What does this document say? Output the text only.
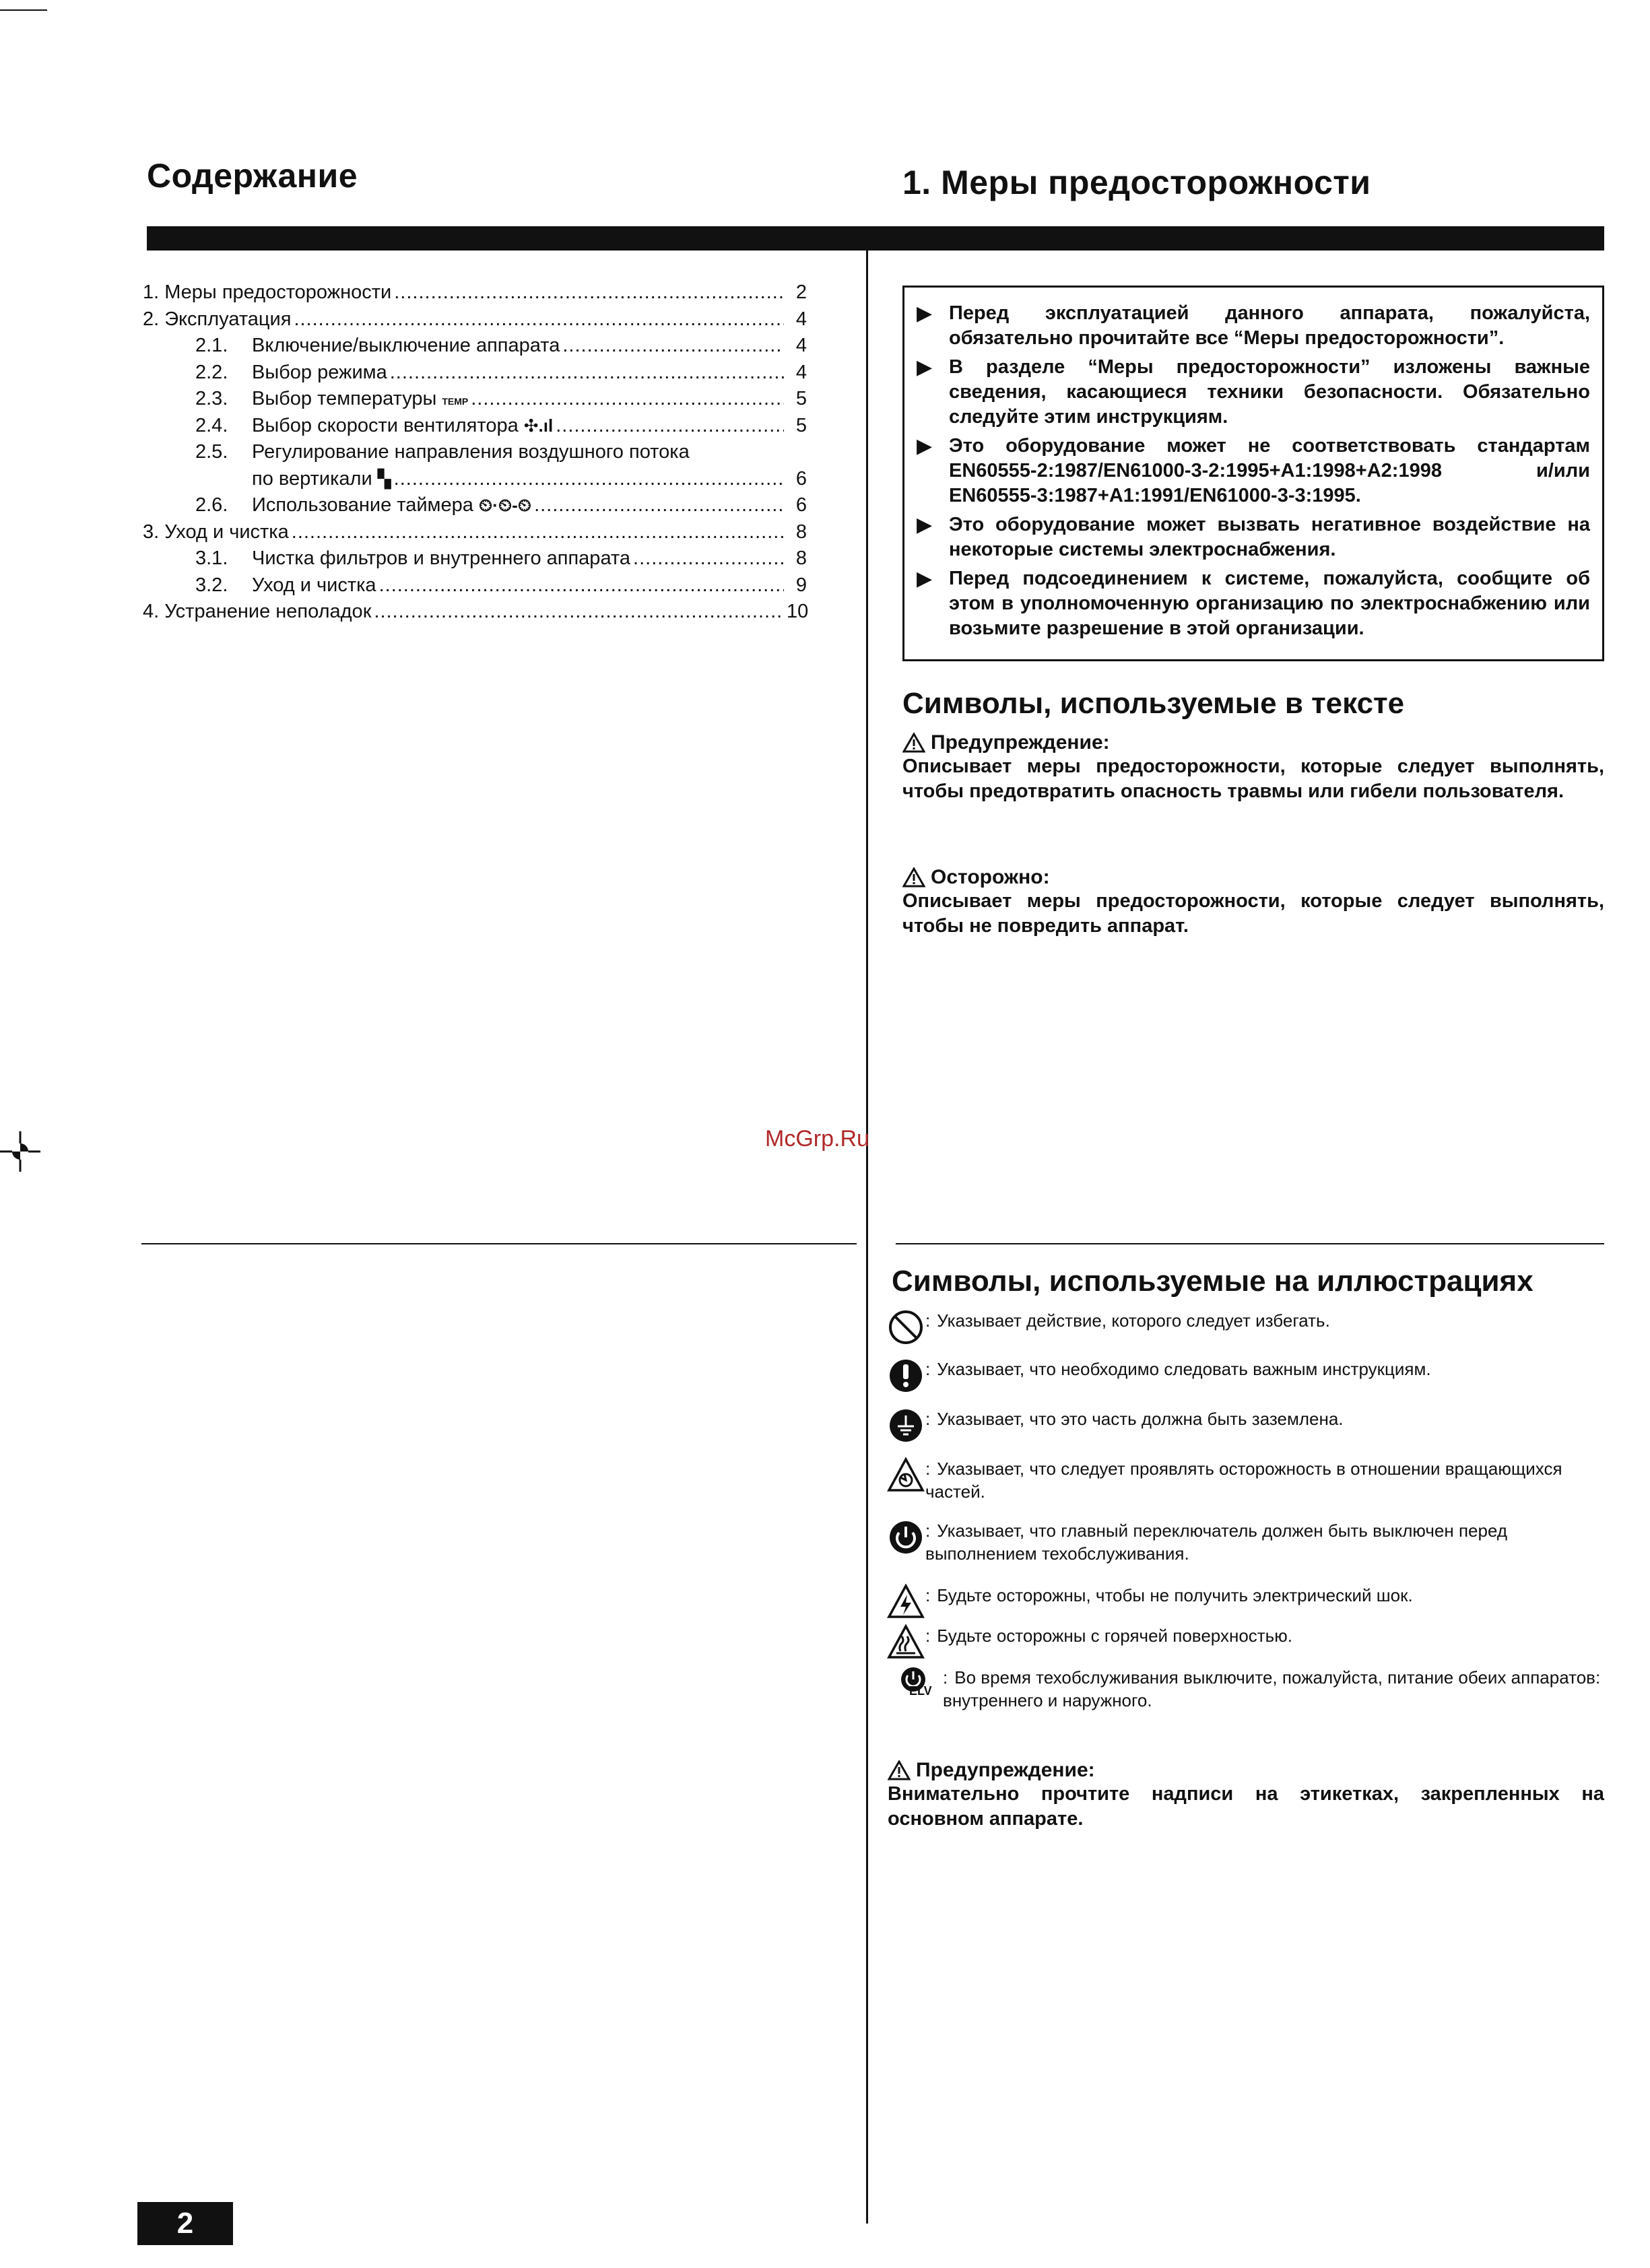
Содержание	1. Меры предосторожности
1. Меры предосторожности .....	2
2. Эксплуатация .....	4
2.1.	Включение/выключение аппарата .....	4
2.2.	Выбор режима .....	4
2.3.	Выбор температуры TEMP .....	5
2.4.	Выбор скорости вентилятора ✣.ıl .....	5
2.5.	Регулирование направления воздушного потока
по вертикали ▚ .....	6
2.6.	Использование таймера ⏲·⏲-⏲ .....	6
3. Уход и чистка .....	8
3.1.	Чистка фильтров и внутреннего аппарата .....	8
3.2.	Уход и чистка .....	9
4. Устранение неполадок .....	10
▶ Перед эксплуатацией данного аппарата, пожалуйста, обязательно прочитайте все “Меры предосторожности”.
▶ В разделе “Меры предосторожности” изложены важные сведения, касающиеся техники безопасности. Обязательно следуйте этим инструкциям.
▶ Это оборудование может не соответствовать стандартам EN60555-2:1987/EN61000-3-2:1995+A1:1998+A2:1998 и/или EN60555-3:1987+A1:1991/EN61000-3-3:1995.
▶ Это оборудование может вызвать негативное воздействие на некоторые системы электроснабжения.
▶ Перед подсоединением к системе, пожалуйста, сообщите об этом в уполномоченную организацию по электроснабжению или возьмите разрешение в этой организации.
Символы, используемые в тексте
Предупреждение:
Описывает меры предосторожности, которые следует выполнять, чтобы предотвратить опасность травмы или гибели пользователя.
Осторожно:
Описывает меры предосторожности, которые следует выполнять, чтобы не повредить аппарат.
McGrp.Ru
Символы, используемые на иллюстрациях
: Указывает действие, которого следует избегать.
: Указывает, что необходимо следовать важным инструкциям.
: Указывает, что это часть должна быть заземлена.
: Указывает, что следует проявлять осторожность в отношении вращающихся частей.
: Указывает, что главный переключатель должен быть выключен перед выполнением техобслуживания.
: Будьте осторожны, чтобы не получить электрический шок.
: Будьте осторожны с горячей поверхностью.
ELV
: Во время техобслуживания выключите, пожалуйста, питание обеих аппаратов: внутреннего и наружного.
Предупреждение:
Внимательно прочтите надписи на этикетках, закрепленных на основном аппарате.
2
